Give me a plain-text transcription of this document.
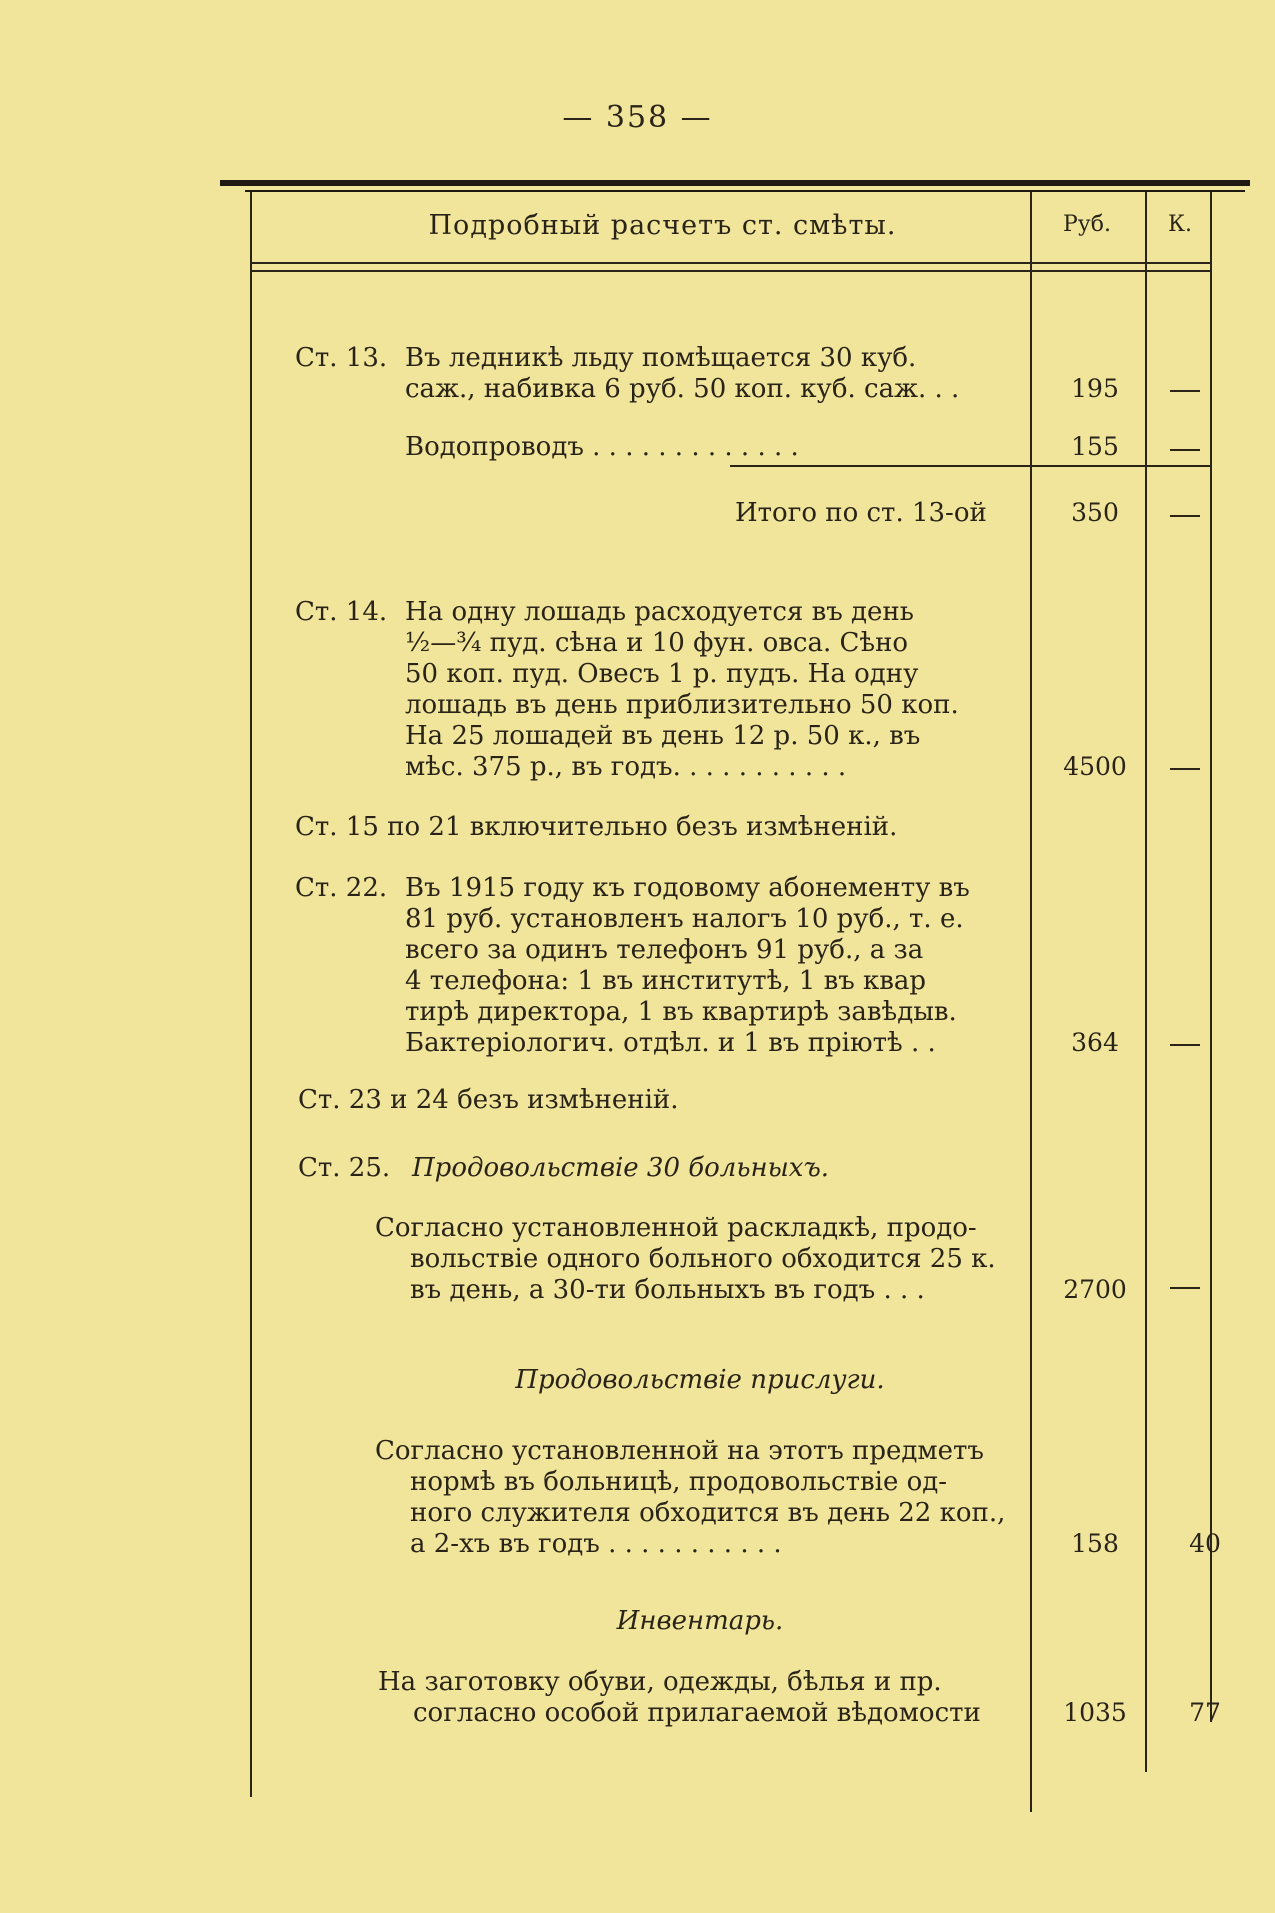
— 358 —
Подробный расчетъ ст. смѣты.	Руб.	К.
Ст. 13. Въ ледникѣ льду помѣщается 30 куб.
саж., набивка 6 руб. 50 коп. куб. саж. . .	195
Водопроводъ . . . . . . . . . . . . .	155
Итого по ст. 13-ой	350
Ст. 14. На одну лошадь расходуется въ день
½—¾ пуд. сѣна и 10 фун. овса. Сѣно
50 коп. пуд. Овесъ 1 р. пудъ. На одну
лошадь въ день приблизительно 50 коп.
На 25 лошадей въ день 12 р. 50 к., въ
мѣс. 375 р., въ годъ. . . . . . . . . . .	4500
Ст. 15 по 21 включительно безъ измѣненій.
Ст. 22. Въ 1915 году къ годовому абонементу въ
81 руб. установленъ налогъ 10 руб., т. е.
всего за одинъ телефонъ 91 руб., а за
4 телефона: 1 въ институтѣ, 1 въ квар
тирѣ директора, 1 въ квартирѣ завѣдыв.
Бактеріологич. отдѣл. и 1 въ пріютѣ . .	364
Ст. 23 и 24 безъ измѣненій.
Ст. 25. Продовольствіе 30 больныхъ.
Согласно установленной раскладкѣ, продо-
вольствіе одного больного обходится 25 к.
въ день, а 30-ти больныхъ въ годъ . . .	2700
Продовольствіе прислуги.
Согласно установленной на этотъ предметъ
нормѣ въ больницѣ, продовольствіе од-
ного служителя обходится въ день 22 коп.,
а 2-хъ въ годъ . . . . . . . . . . .	158	40
Инвентарь.
На заготовку обуви, одежды, бѣлья и пр.
согласно особой прилагаемой вѣдомости	1035	77
